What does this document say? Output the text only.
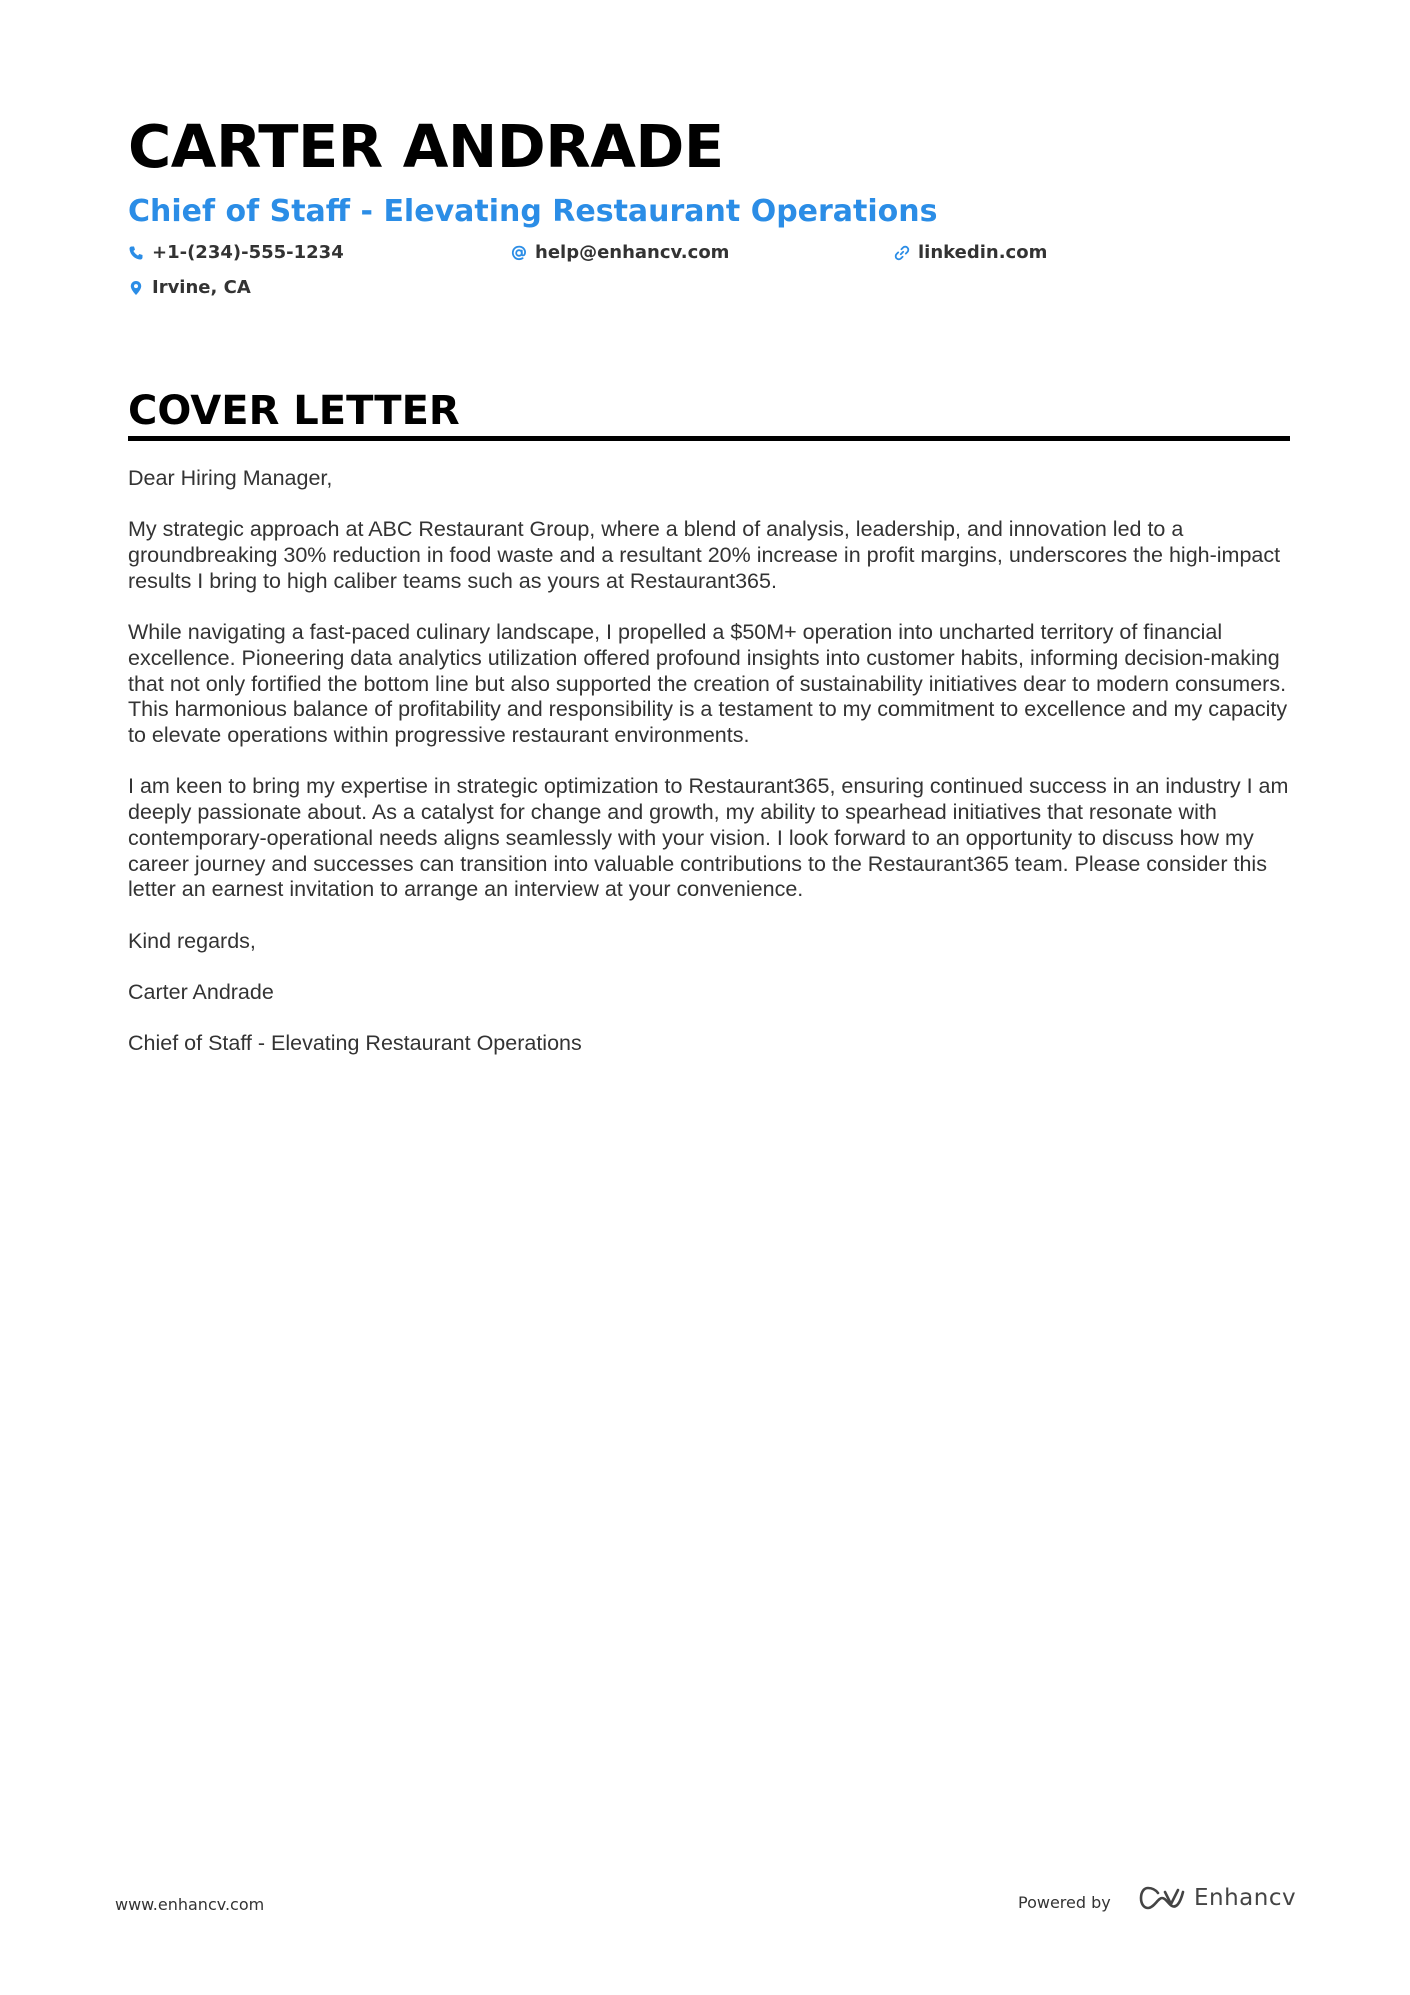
CARTER ANDRADE
Chief of Staff - Elevating Restaurant Operations
+1-(234)-555-1234	help@enhancv.com	linkedin.com
Irvine, CA
COVER LETTER

Dear Hiring Manager,

My strategic approach at ABC Restaurant Group, where a blend of analysis, leadership, and innovation led to a groundbreaking 30% reduction in food waste and a resultant 20% increase in profit margins, underscores the high-impact results I bring to high caliber teams such as yours at Restaurant365.

While navigating a fast-paced culinary landscape, I propelled a $50M+ operation into uncharted territory of financial excellence. Pioneering data analytics utilization offered profound insights into customer habits, informing decision-making that not only fortified the bottom line but also supported the creation of sustainability initiatives dear to modern consumers. This harmonious balance of profitability and responsibility is a testament to my commitment to excellence and my capacity to elevate operations within progressive restaurant environments.

I am keen to bring my expertise in strategic optimization to Restaurant365, ensuring continued success in an industry I am deeply passionate about. As a catalyst for change and growth, my ability to spearhead initiatives that resonate with contemporary-operational needs aligns seamlessly with your vision. I look forward to an opportunity to discuss how my career journey and successes can transition into valuable contributions to the Restaurant365 team. Please consider this letter an earnest invitation to arrange an interview at your convenience.

Kind regards,

Carter Andrade

Chief of Staff - Elevating Restaurant Operations

www.enhancv.com	Powered by	Enhancv
